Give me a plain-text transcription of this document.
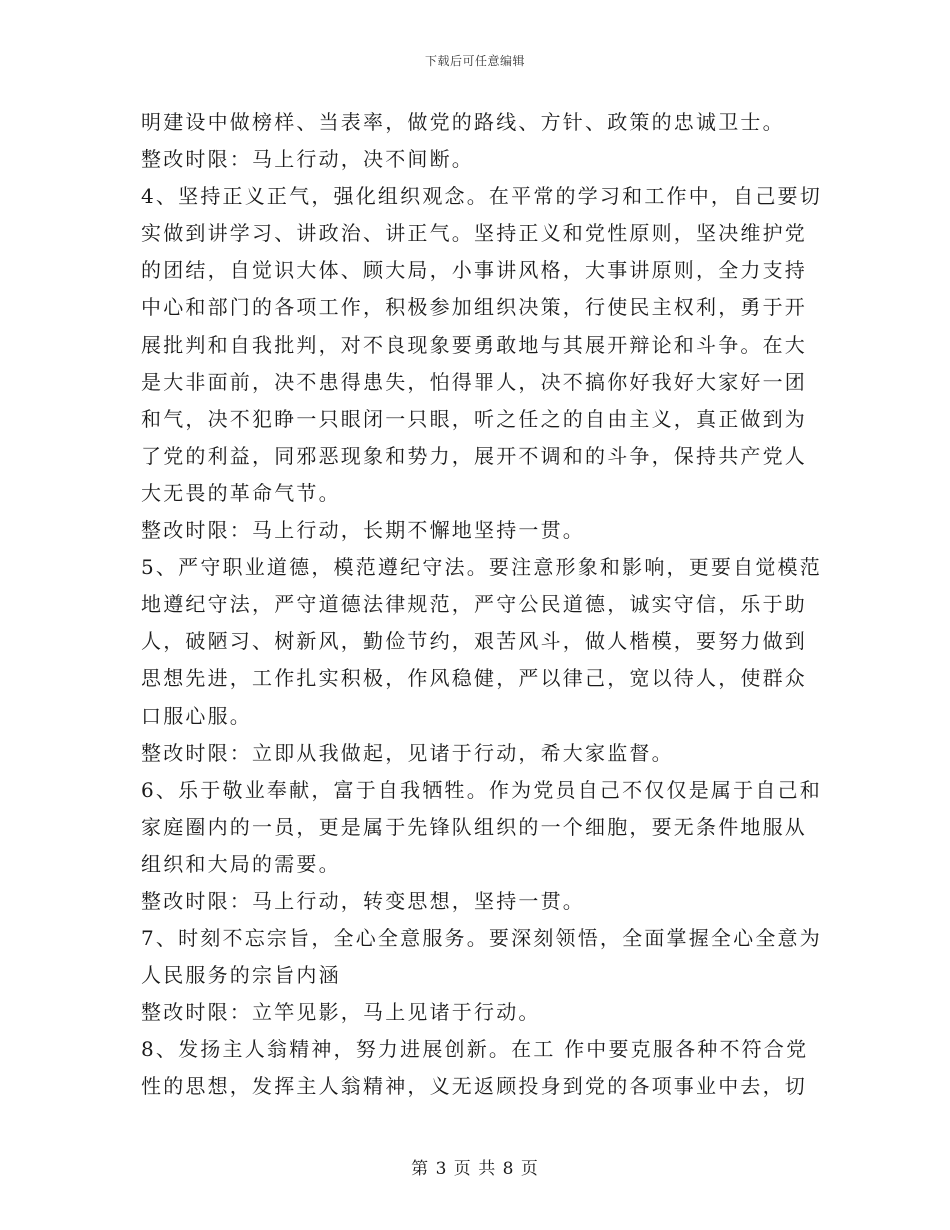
下载后可任意编辑
明建设中做榜样、当表率，做党的路线、方针、政策的忠诚卫士。
整改时限：马上行动，决不间断。
4、坚持正义正气，强化组织观念。在平常的学习和工作中，自己要切
实做到讲学习、讲政治、讲正气。坚持正义和党性原则，坚决维护党
的团结，自觉识大体、顾大局，小事讲风格，大事讲原则，全力支持
中心和部门的各项工作，积极参加组织决策，行使民主权利，勇于开
展批判和自我批判，对不良现象要勇敢地与其展开辩论和斗争。在大
是大非面前，决不患得患失，怕得罪人，决不搞你好我好大家好一团
和气，决不犯睁一只眼闭一只眼，听之任之的自由主义，真正做到为
了党的利益，同邪恶现象和势力，展开不调和的斗争，保持共产党人
大无畏的革命气节。
整改时限：马上行动，长期不懈地坚持一贯。
5、严守职业道德，模范遵纪守法。要注意形象和影响，更要自觉模范
地遵纪守法，严守道德法律规范，严守公民道德，诚实守信，乐于助
人，破陋习、树新风，勤俭节约，艰苦风斗，做人楷模，要努力做到
思想先进，工作扎实积极，作风稳健，严以律己，宽以待人，使群众
口服心服。
整改时限：立即从我做起，见诸于行动，希大家监督。
6、乐于敬业奉献，富于自我牺牲。作为党员自己不仅仅是属于自己和
家庭圈内的一员，更是属于先锋队组织的一个细胞，要无条件地服从
组织和大局的需要。
整改时限：马上行动，转变思想，坚持一贯。
7、时刻不忘宗旨，全心全意服务。要深刻领悟，全面掌握全心全意为
人民服务的宗旨内涵
整改时限：立竿见影，马上见诸于行动。
8、发扬主人翁精神，努力进展创新。在工 作中要克服各种不符合党
性的思想，发挥主人翁精神，义无返顾投身到党的各项事业中去，切
第 3 页 共 8 页
